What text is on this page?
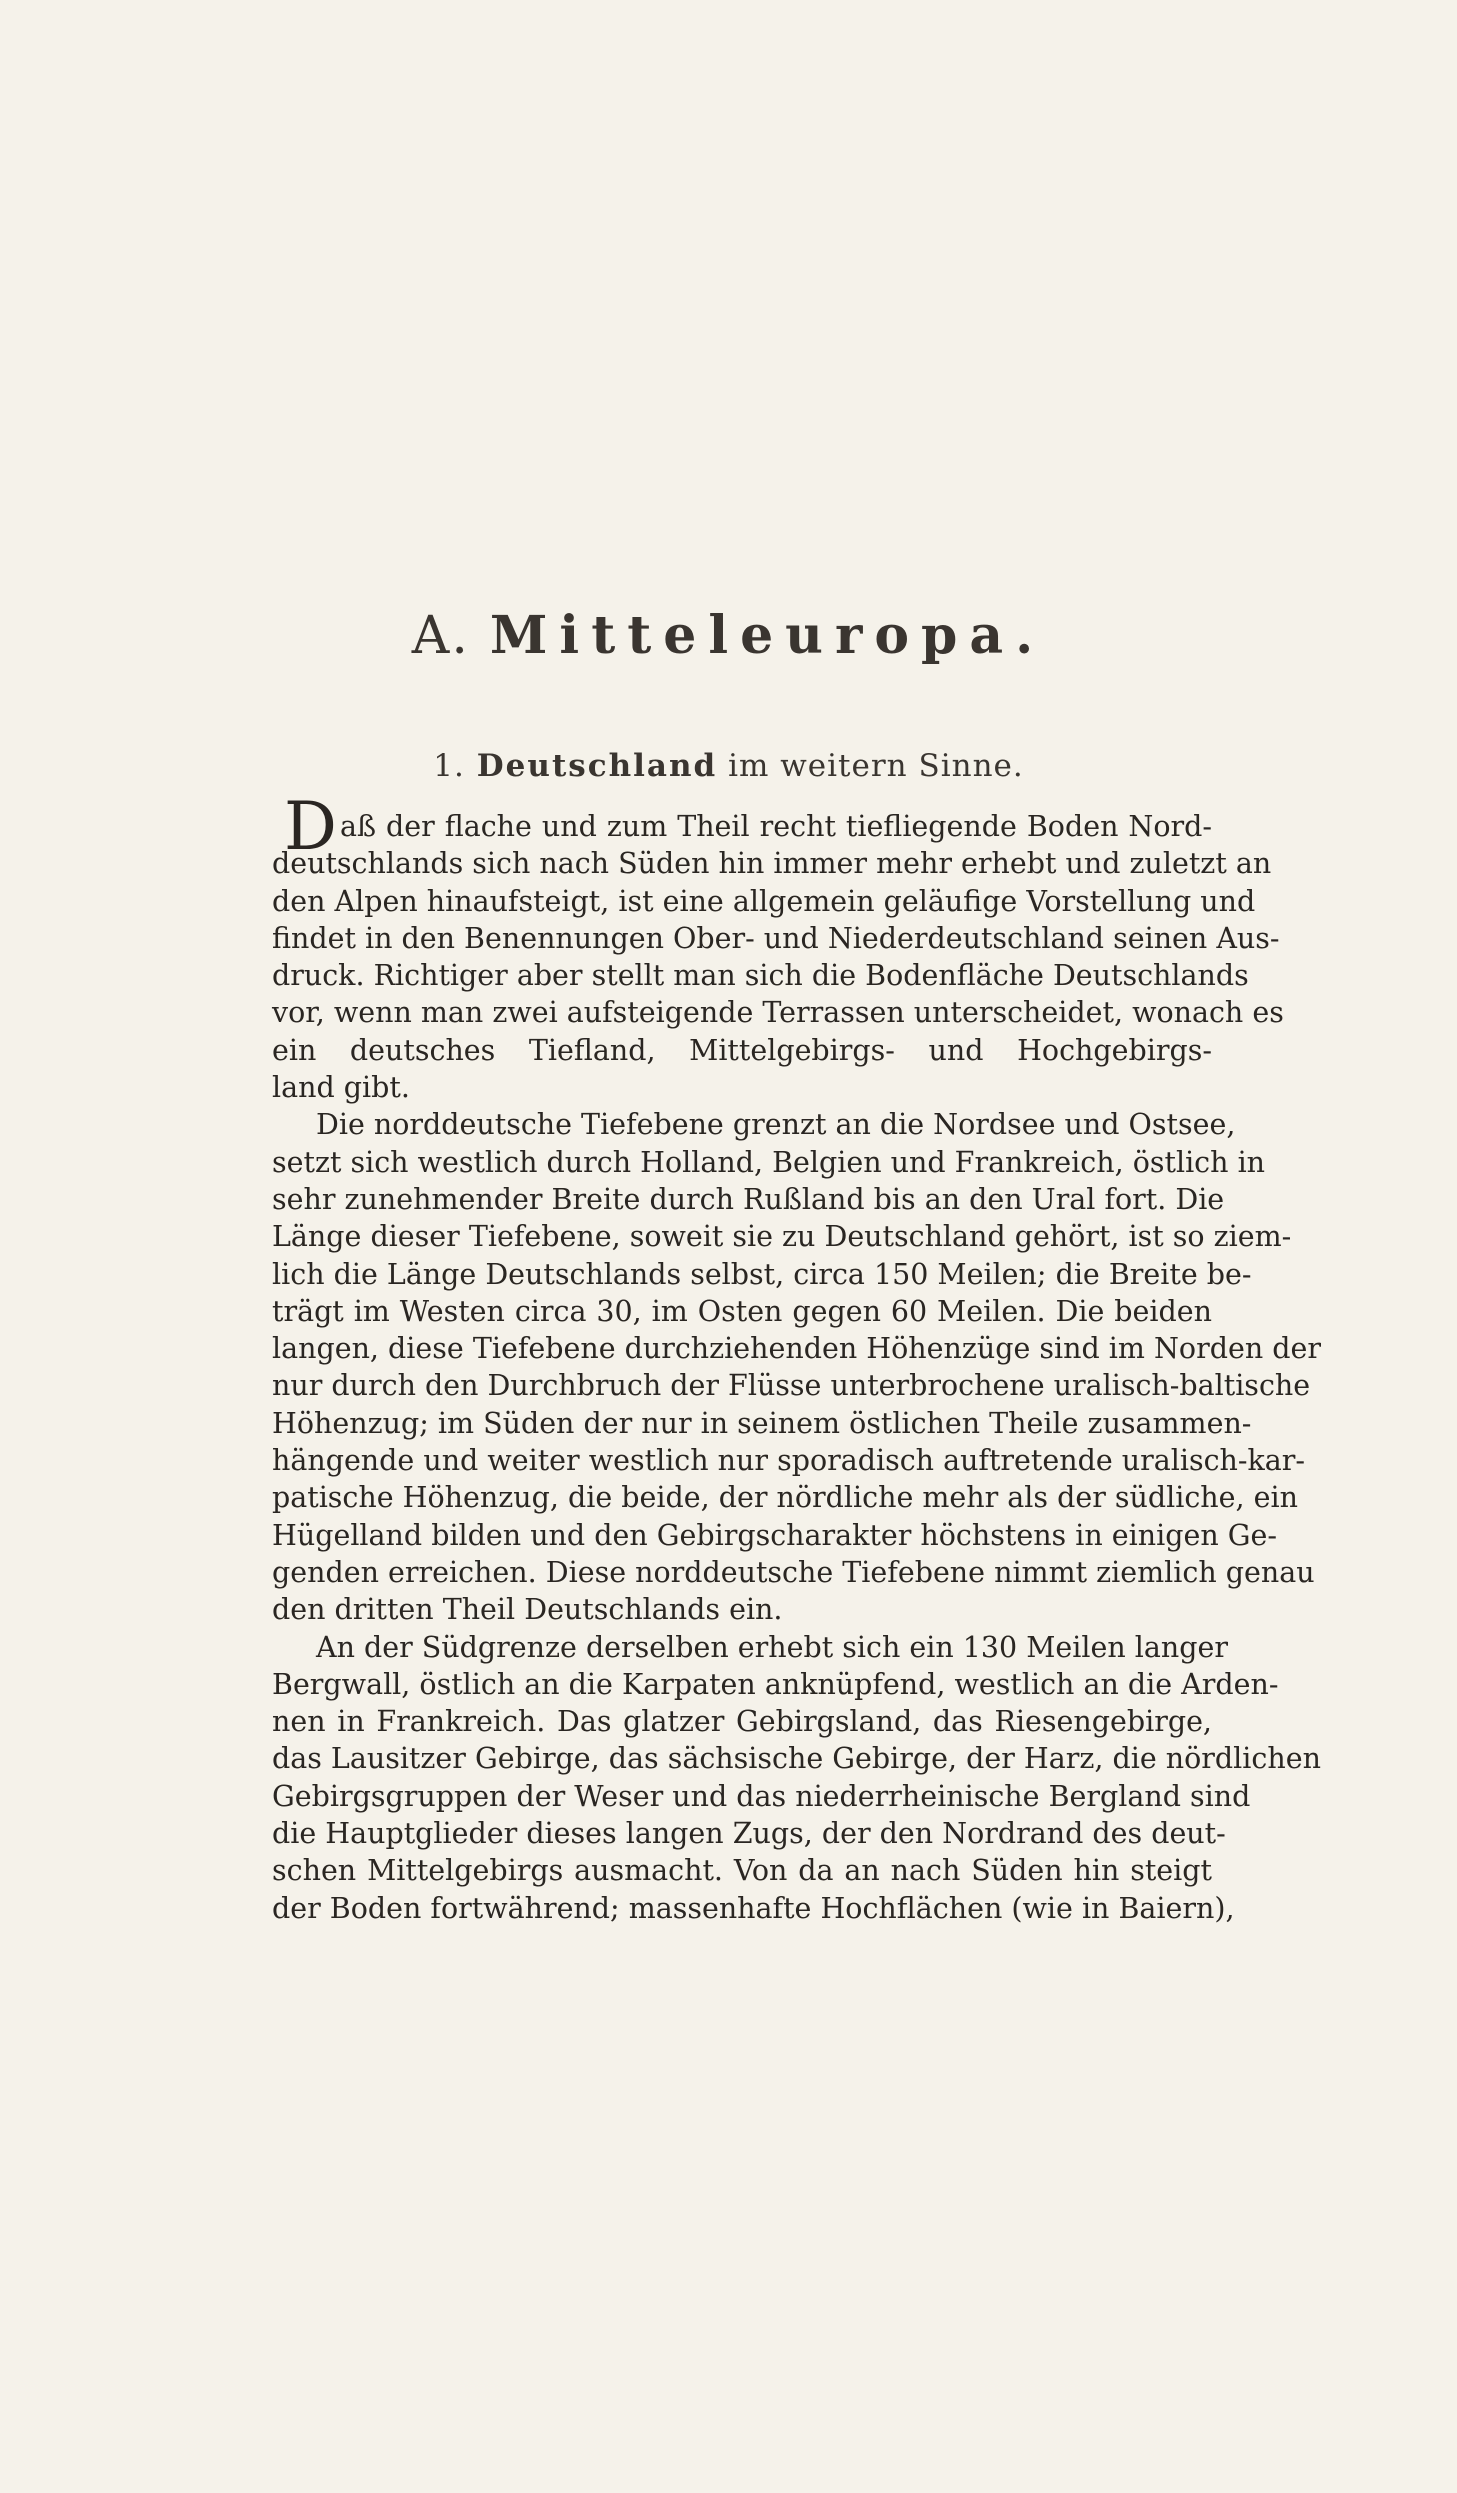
A. Mitteleuropa.
1. Deutschland im weitern Sinne.
D aß der flache und zum Theil recht tiefliegende Boden Nord-
deutschlands sich nach Süden hin immer mehr erhebt und zuletzt an
den Alpen hinaufsteigt, ist eine allgemein geläufige Vorstellung und
findet in den Benennungen Ober- und Niederdeutschland seinen Aus-
druck. Richtiger aber stellt man sich die Bodenfläche Deutschlands
vor, wenn man zwei aufsteigende Terrassen unterscheidet, wonach es
ein deutsches Tiefland, Mittelgebirgs- und Hochgebirgs-
land gibt.
Die norddeutsche Tiefebene grenzt an die Nordsee und Ostsee,
setzt sich westlich durch Holland, Belgien und Frankreich, östlich in
sehr zunehmender Breite durch Rußland bis an den Ural fort. Die
Länge dieser Tiefebene, soweit sie zu Deutschland gehört, ist so ziem-
lich die Länge Deutschlands selbst, circa 150 Meilen; die Breite be-
trägt im Westen circa 30, im Osten gegen 60 Meilen. Die beiden
langen, diese Tiefebene durchziehenden Höhenzüge sind im Norden der
nur durch den Durchbruch der Flüsse unterbrochene uralisch-baltische
Höhenzug; im Süden der nur in seinem östlichen Theile zusammen-
hängende und weiter westlich nur sporadisch auftretende uralisch-kar-
patische Höhenzug, die beide, der nördliche mehr als der südliche, ein
Hügelland bilden und den Gebirgscharakter höchstens in einigen Ge-
genden erreichen. Diese norddeutsche Tiefebene nimmt ziemlich genau
den dritten Theil Deutschlands ein.
An der Südgrenze derselben erhebt sich ein 130 Meilen langer
Bergwall, östlich an die Karpaten anknüpfend, westlich an die Arden-
nen in Frankreich. Das glatzer Gebirgsland, das Riesengebirge,
das Lausitzer Gebirge, das sächsische Gebirge, der Harz, die nördlichen
Gebirgsgruppen der Weser und das niederrheinische Bergland sind
die Hauptglieder dieses langen Zugs, der den Nordrand des deut-
schen Mittelgebirgs ausmacht. Von da an nach Süden hin steigt
der Boden fortwährend; massenhafte Hochflächen (wie in Baiern),
